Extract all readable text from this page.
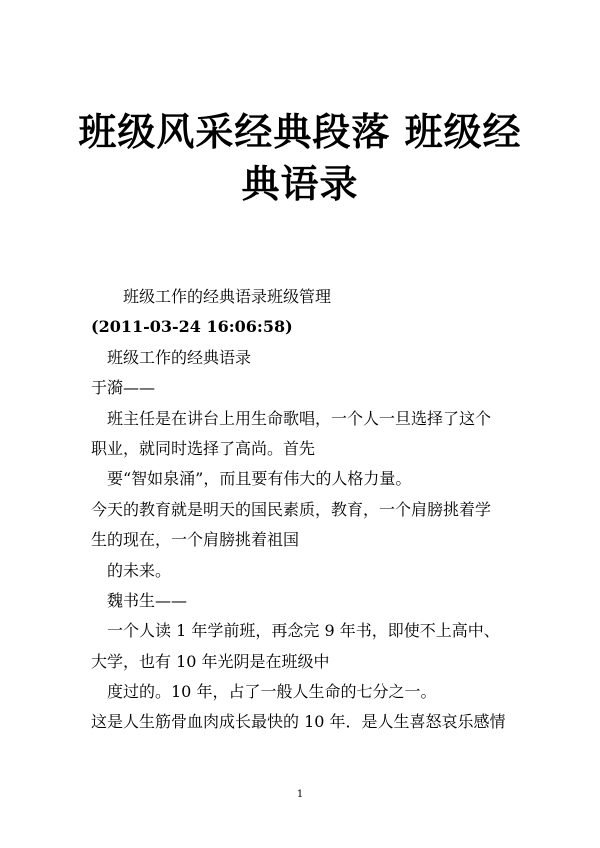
班级风采经典段落 班级经
典语录
班级工作的经典语录班级管理
(2011-03-24 16:06:58)
班级工作的经典语录
于漪——
班主任是在讲台上用生命歌唱，一个人一旦选择了这个
职业，就同时选择了高尚。首先
要“智如泉涌”，而且要有伟大的人格力量。
今天的教育就是明天的国民素质，教育，一个肩膀挑着学
生的现在，一个肩膀挑着祖国
的未来。
魏书生——
一个人读 1 年学前班，再念完 9 年书，即使不上高中、
大学，也有 10 年光阴是在班级中
度过的。10 年，占了一般人生命的七分之一。
这是人生筋骨血肉成长最快的 10 年．是人生喜怒哀乐感情
1
